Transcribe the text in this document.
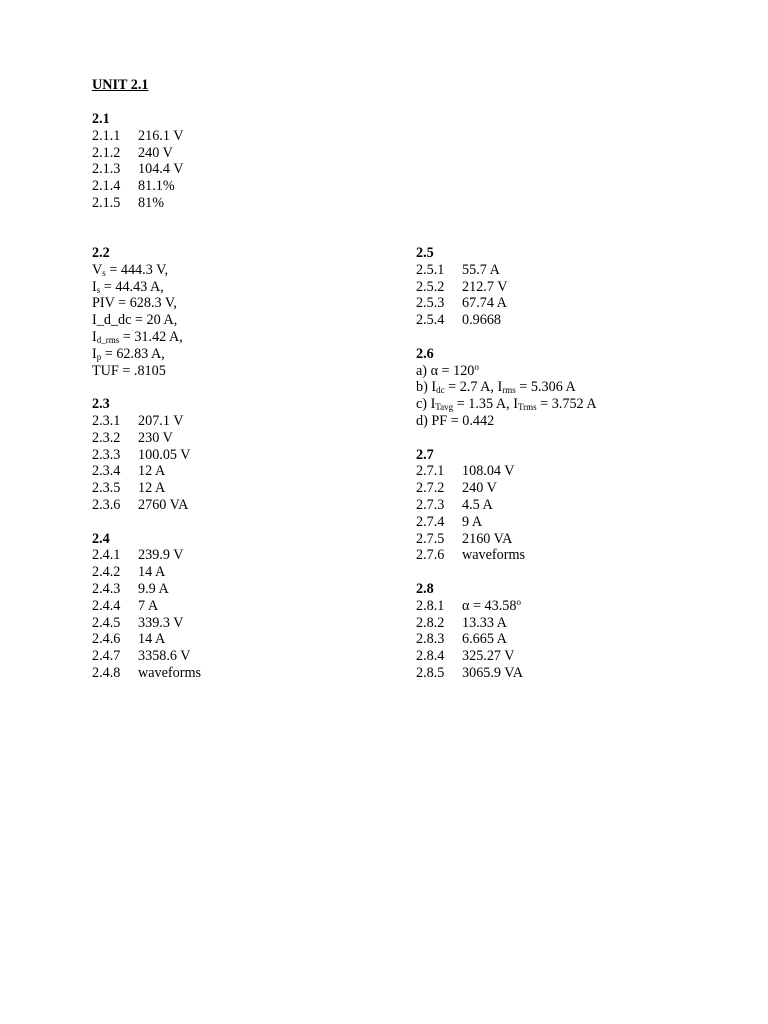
UNIT 2.1
2.1
2.1.1 216.1 V
2.1.2 240 V
2.1.3 104.4 V
2.1.4 81.1%
2.1.5 81%
2.2
$V_s = 444.3$ V,
$I_s = 44.43$ A,
PIV = 628.3 V,
I_d_dc = 20 A,
$I_{d\_rms} = 31.42$ A,
$I_p = 62.83$ A,
TUF = .8105
2.3
2.3.1 207.1 V
2.3.2 230 V
2.3.3 100.05 V
2.3.4 12 A
2.3.5 12 A
2.3.6 2760 VA
2.4
2.4.1 239.9 V
2.4.2 14 A
2.4.3 9.9 A
2.4.4 7 A
2.4.5 339.3 V
2.4.6 14 A
2.4.7 3358.6 V
2.4.8 waveforms
2.5
2.5.1 55.7 A
2.5.2 212.7 V
2.5.3 67.74 A
2.5.4 0.9668
2.6
a) $\alpha = 120^o$
b) $I_{dc} = 2.7$ A, $I_{rms} = 5.306$ A
c) $I_{Tavg} = 1.35$ A, $I_{Trms} = 3.752$ A
d) PF = 0.442
2.7
2.7.1 108.04 V
2.7.2 240 V
2.7.3 4.5 A
2.7.4 9 A
2.7.5 2160 VA
2.7.6 waveforms
2.8
2.8.1 $\alpha = 43.58^o$
2.8.2 13.33 A
2.8.3 6.665 A
2.8.4 325.27 V
2.8.5 3065.9 VA
